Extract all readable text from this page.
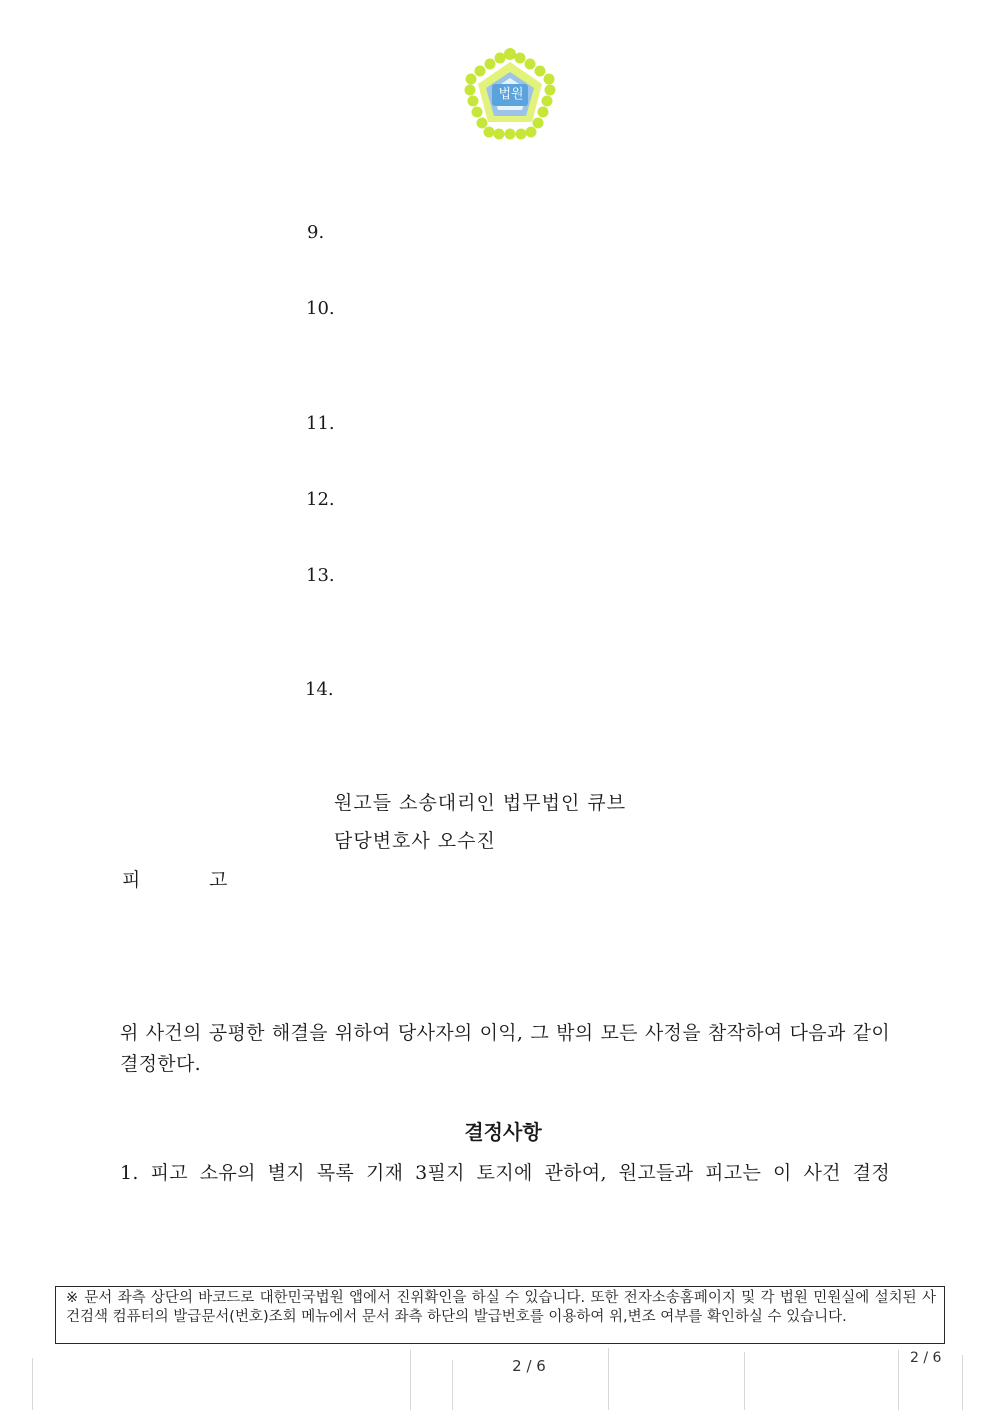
법원
9.
10.
11.
12.
13.
14.
원고들 소송대리인 법무법인 큐브
담당변호사 오수진
피	고
위 사건의 공평한 해결을 위하여 당사자의 이익, 그 밖의 모든 사정을 참작하여 다음과 같이 결정한다.
결정사항
1. 피고 소유의 별지 목록 기재 3필지 토지에 관하여, 원고들과 피고는 이 사건 결정
※ 문서 좌측 상단의 바코드로 대한민국법원 앱에서 진위확인을 하실 수 있습니다. 또한 전자소송홈페이지 및 각 법원 민원실에 설치된 사건검색 컴퓨터의 발급문서(번호)조회 메뉴에서 문서 좌측 하단의 발급번호를 이용하여 위,변조 여부를 확인하실 수 있습니다.
2 / 6	2 / 6
